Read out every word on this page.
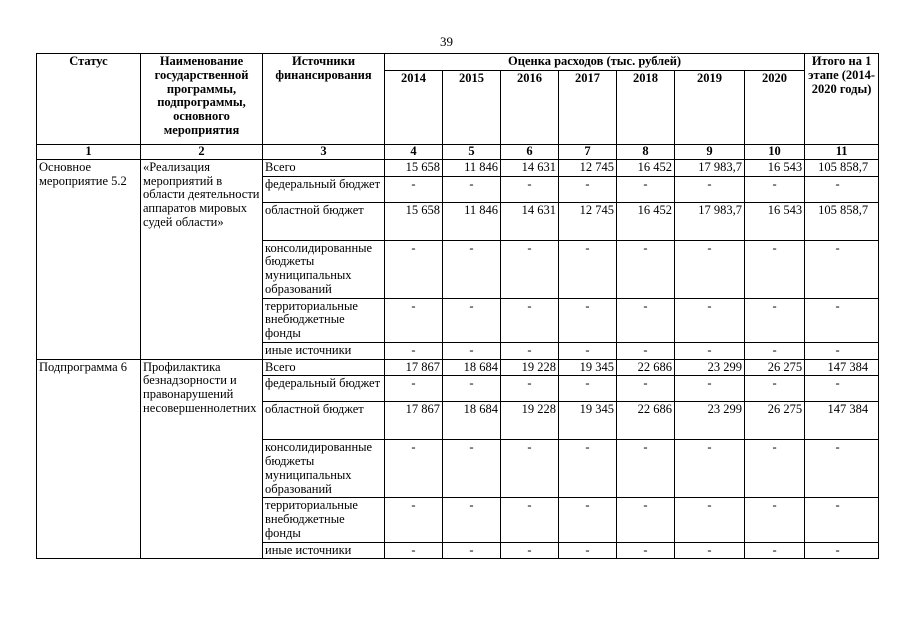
39
Статус	Наименование государственной программы, подпрограммы, основного мероприятия	Источники финансирования	Оценка расходов (тыс. рублей)							Итого на 1 этапе (2014-2020 годы)
			2014	2015	2016	2017	2018	2019	2020	
1	2	3	4	5	6	7	8	9	10	11
Основное мероприятие 5.2	«Реализация мероприятий в области деятельности аппаратов мировых судей области»	Всего	15 658	11 846	14 631	12 745	16 452	17 983,7	16 543	105 858,7
		федеральный бюджет	-	-	-	-	-	-	-	-
		областной бюджет	15 658	11 846	14 631	12 745	16 452	17 983,7	16 543	105 858,7
		консолидированные бюджеты муниципальных образований	-	-	-	-	-	-	-	-
		территориальные внебюджетные фонды	-	-	-	-	-	-	-	-
		иные источники	-	-	-	-	-	-	-	-
Подпрограмма 6	Профилактика безнадзорности и правонарушений несовершеннолетних	Всего	17 867	18 684	19 228	19 345	22 686	23 299	26 275	147 384
		федеральный бюджет	-	-	-	-	-	-	-	-
		областной бюджет	17 867	18 684	19 228	19 345	22 686	23 299	26 275	147 384
		консолидированные бюджеты муниципальных образований	-	-	-	-	-	-	-	-
		территориальные внебюджетные фонды	-	-	-	-	-	-	-	-
		иные источники	-	-	-	-	-	-	-	-
